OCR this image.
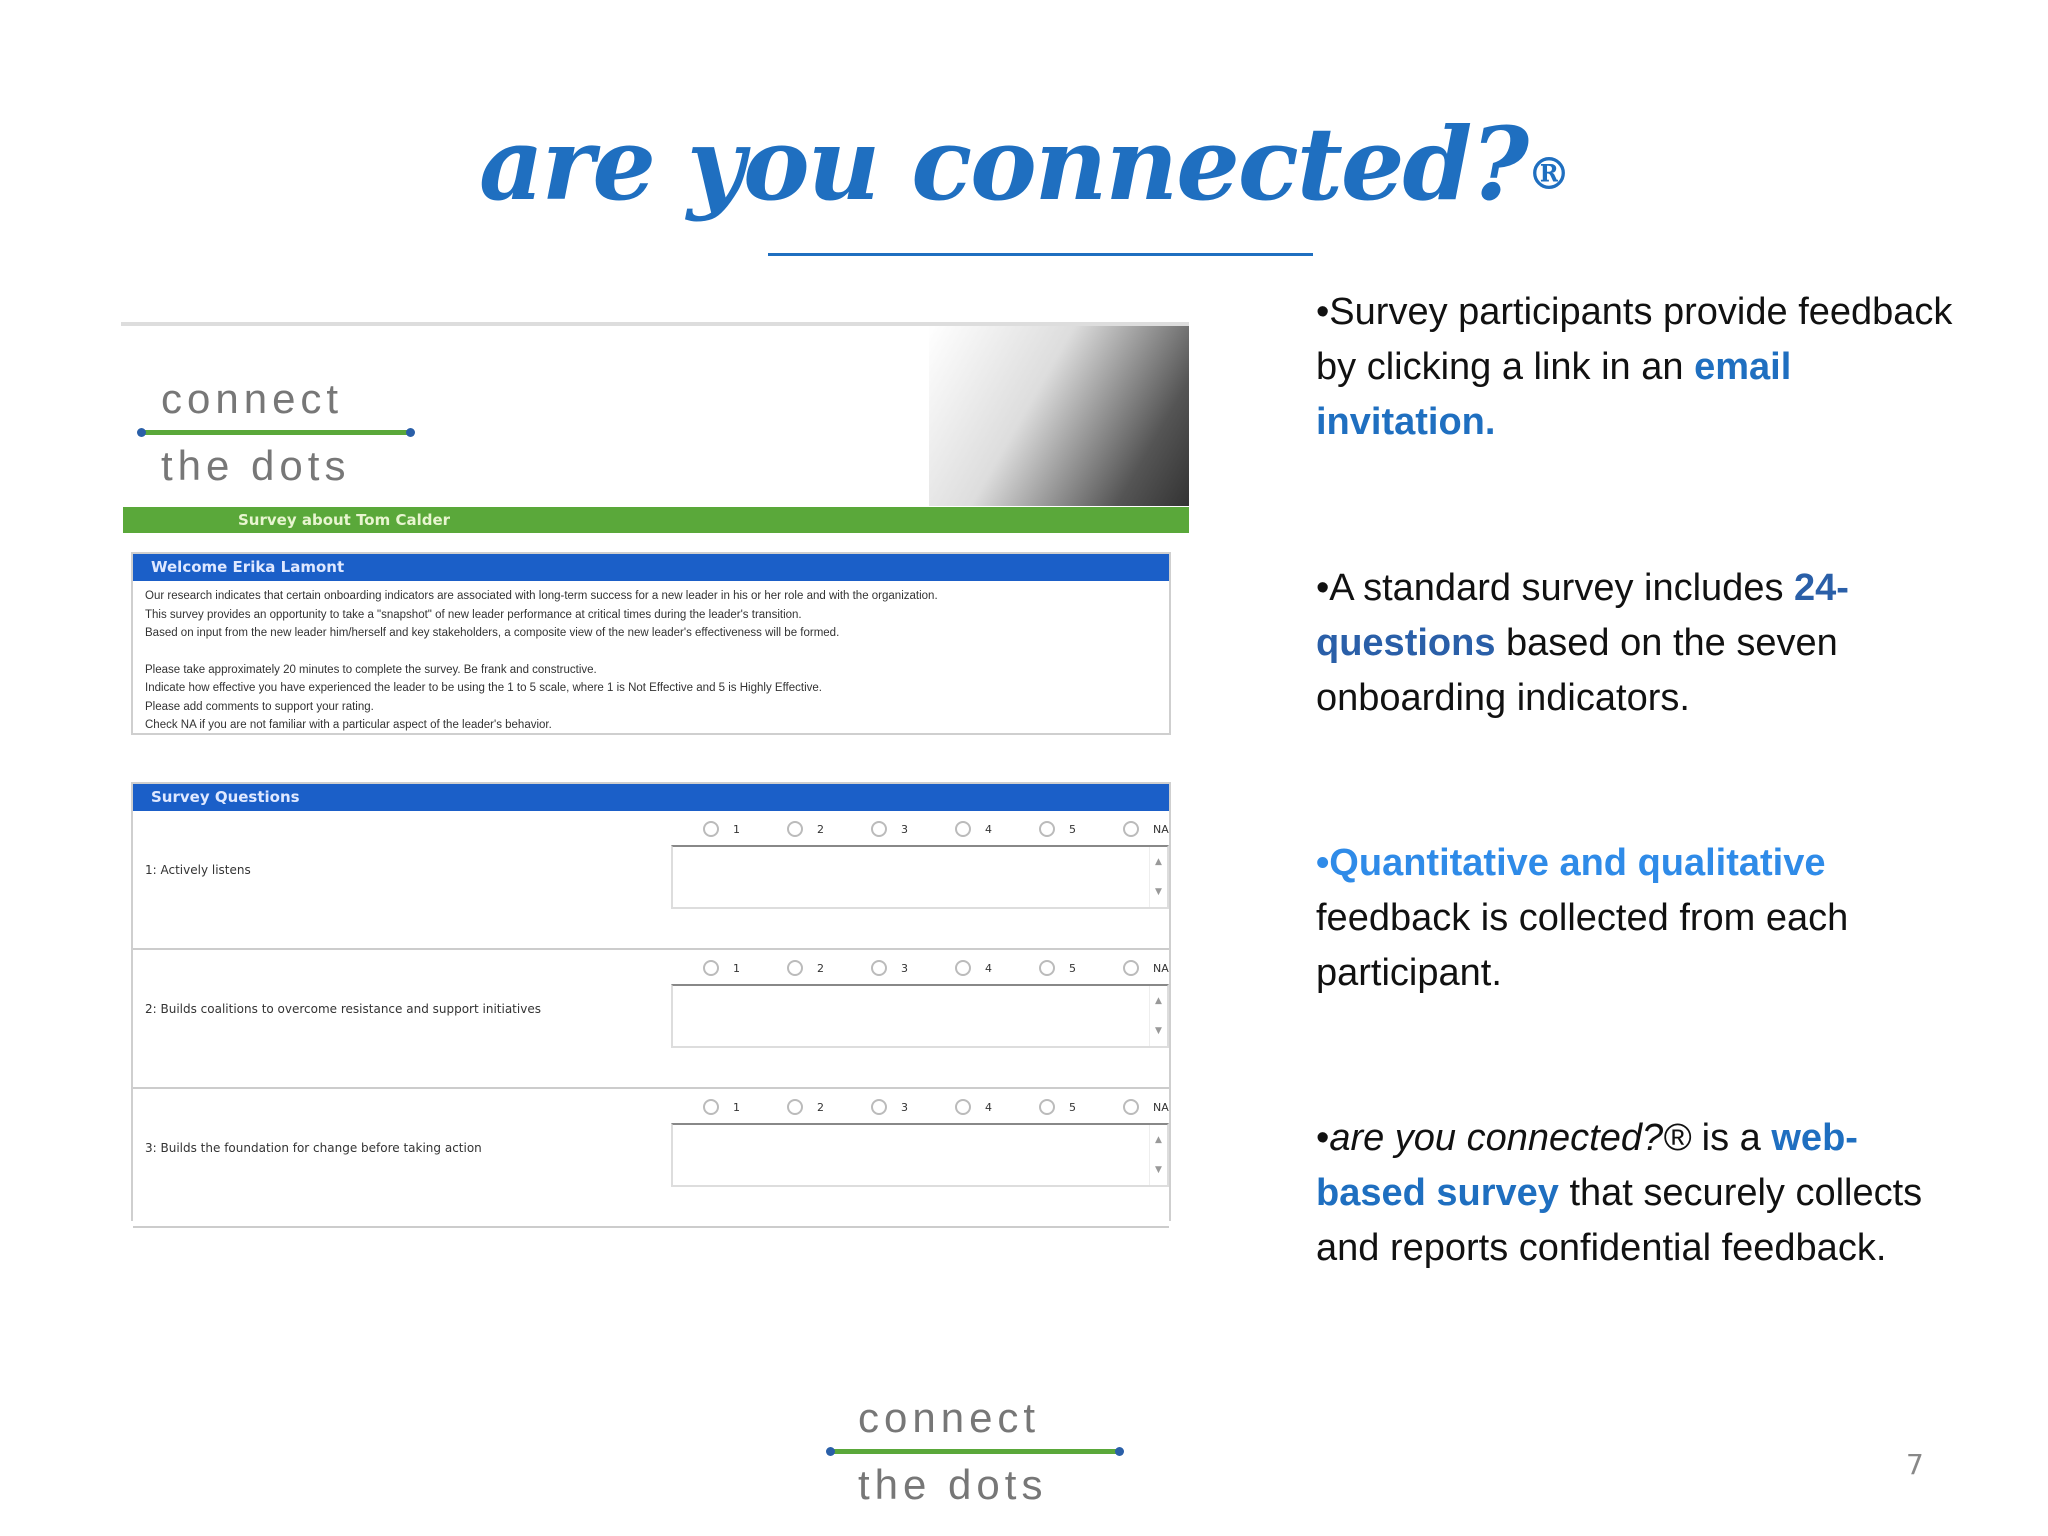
are you connected?®
connect
the dots
Survey about Tom Calder
Welcome Erika Lamont

Our research indicates that certain onboarding indicators are associated with long-term success for a new leader in his or her role and with the organization.

This survey provides an opportunity to take a "snapshot" of new leader performance at critical times during the leader's transition.

Based on input from the new leader him/herself and key stakeholders, a composite view of the new leader's effectiveness will be formed.

Please take approximately 20 minutes to complete the survey. Be frank and constructive.

Indicate how effective you have experienced the leader to be using the 1 to 5 scale, where 1 is Not Effective and 5 is Highly Effective.

Please add comments to support your rating.

Check NA if you are not familiar with a particular aspect of the leader's behavior.

Survey Questions
1: Actively listens
1	2	3	4	5	NA
▲
▼
2: Builds coalitions to overcome resistance and support initiatives
1	2	3	4	5	NA
▲
▼
3: Builds the foundation for change before taking action
1	2	3	4	5	NA
▲
▼
•Survey participants provide feedback by clicking a link in an email invitation.
•A standard survey includes 24-questions based on the seven onboarding indicators.
•Quantitative and qualitative feedback is collected from each participant.
•are you connected?® is a web-based survey that securely collects and reports confidential feedback.
connect
the dots	7
